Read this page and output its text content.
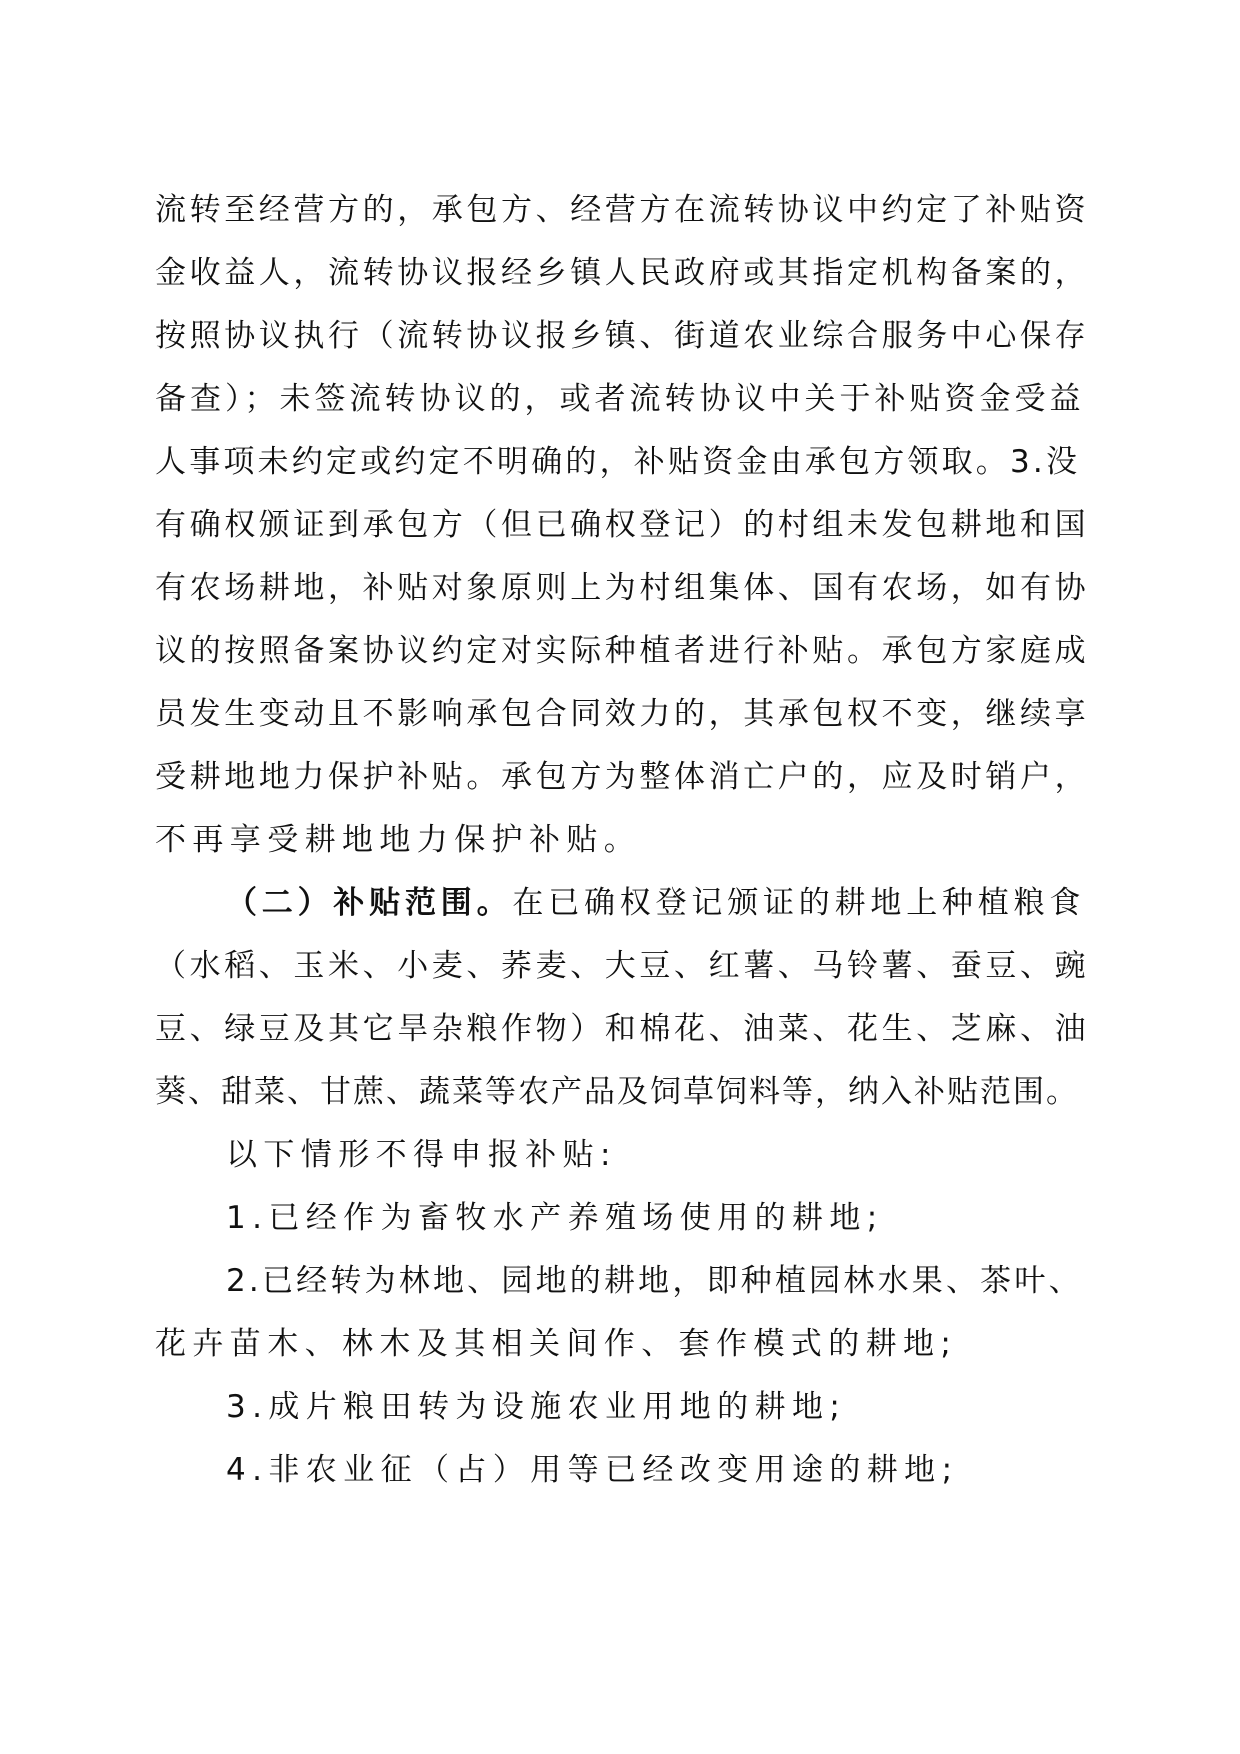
流转至经营方的，承包方、经营方在流转协议中约定了补贴资
金收益人，流转协议报经乡镇人民政府或其指定机构备案的，
按照协议执行（流转协议报乡镇、街道农业综合服务中心保存
备查）；未签流转协议的，或者流转协议中关于补贴资金受益
人事项未约定或约定不明确的，补贴资金由承包方领取。3.没
有确权颁证到承包方（但已确权登记）的村组未发包耕地和国
有农场耕地，补贴对象原则上为村组集体、国有农场，如有协
议的按照备案协议约定对实际种植者进行补贴。承包方家庭成
员发生变动且不影响承包合同效力的，其承包权不变，继续享
受耕地地力保护补贴。承包方为整体消亡户的，应及时销户，
不再享受耕地地力保护补贴。
（二）补贴范围。在已确权登记颁证的耕地上种植粮食
（水稻、玉米、小麦、荞麦、大豆、红薯、马铃薯、蚕豆、豌
豆、绿豆及其它旱杂粮作物）和棉花、油菜、花生、芝麻、油
葵、甜菜、甘蔗、蔬菜等农产品及饲草饲料等，纳入补贴范围。
以下情形不得申报补贴:
1.已经作为畜牧水产养殖场使用的耕地;
2.已经转为林地、园地的耕地，即种植园林水果、茶叶、
花卉苗木、林木及其相关间作、套作模式的耕地;
3.成片粮田转为设施农业用地的耕地;
4.非农业征（占）用等已经改变用途的耕地;
